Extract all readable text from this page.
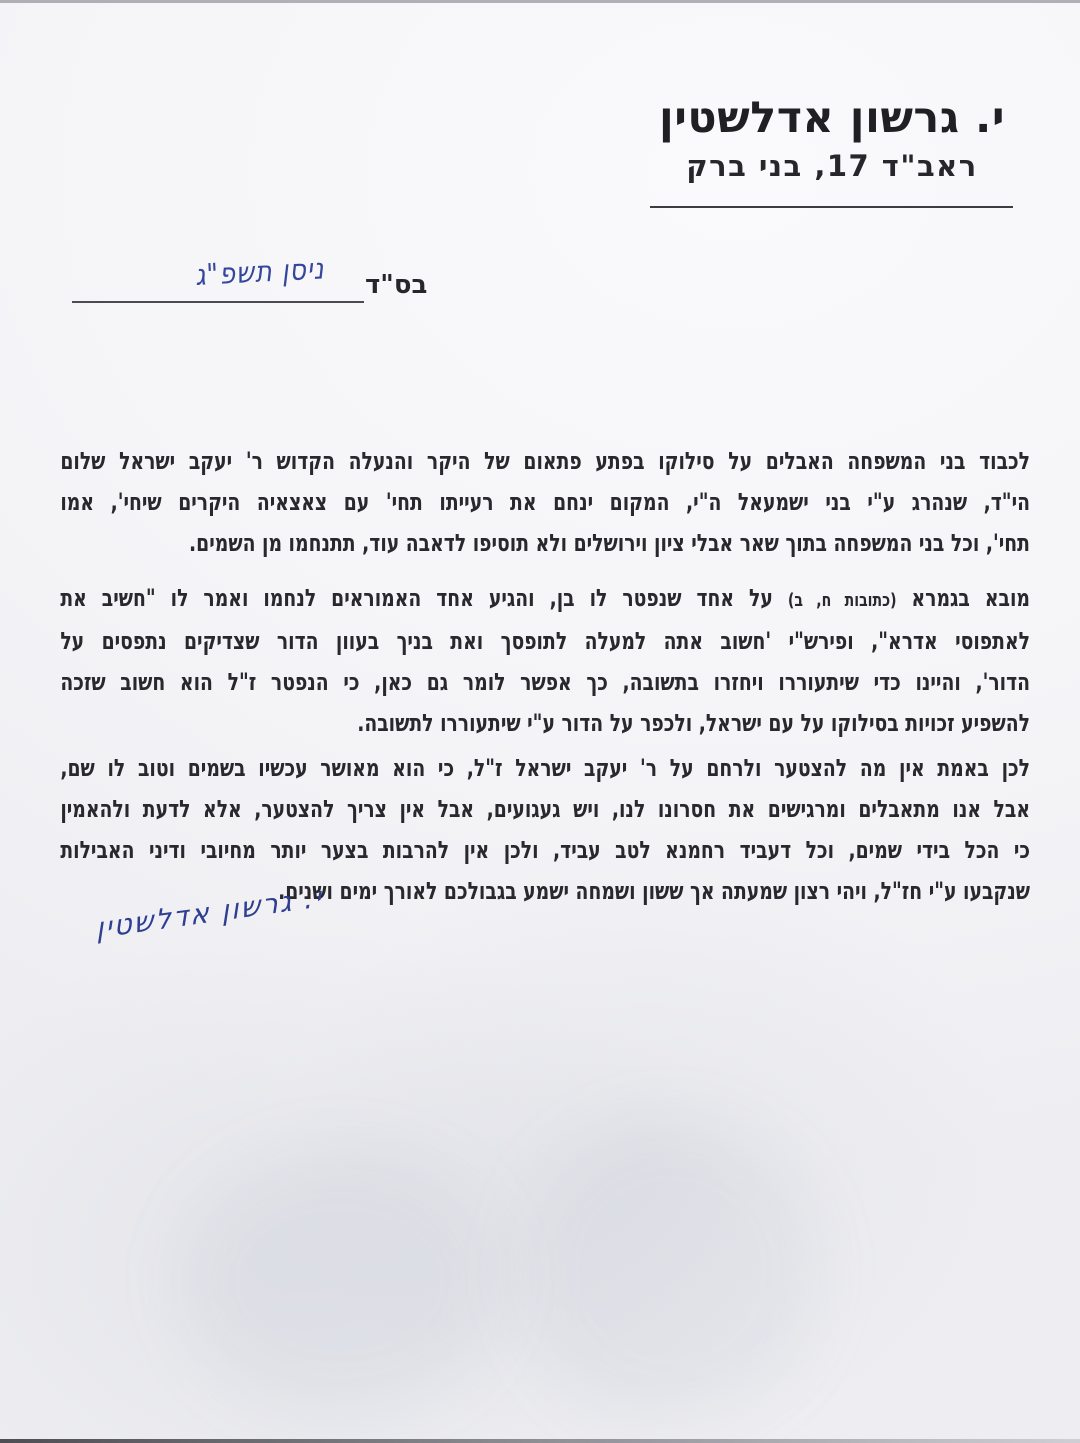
י. גרשון אדלשטין
ראב"ד 17, בני ברק
בס"ד
ניסן תשפ"ג
לכבוד בני המשפחה האבלים על סילוקו בפתע פתאום של היקר והנעלה הקדוש ר' יעקב ישראל שלום
הי"ד, שנהרג ע"י בני ישמעאל ה"י, המקום ינחם את רעייתו תחי' עם צאצאיה היקרים שיחי', אמו
תחי', וכל בני המשפחה בתוך שאר אבלי ציון וירושלים ולא תוסיפו לדאבה עוד, תתנחמו מן השמים.
מובא בגמרא (כתובות ח, ב) על אחד שנפטר לו בן, והגיע אחד האמוראים לנחמו ואמר לו "חשיב את
לאתפוסי אדרא", ופירש"י 'חשוב אתה למעלה לתופסך ואת בניך בעוון הדור שצדיקים נתפסים על
הדור', והיינו כדי שיתעוררו ויחזרו בתשובה, כך אפשר לומר גם כאן, כי הנפטר ז"ל הוא חשוב שזכה
להשפיע זכויות בסילוקו על עם ישראל, ולכפר על הדור ע"י שיתעוררו לתשובה.
לכן באמת אין מה להצטער ולרחם על ר' יעקב ישראל ז"ל, כי הוא מאושר עכשיו בשמים וטוב לו שם,
אבל אנו מתאבלים ומרגישים את חסרונו לנו, ויש געגועים, אבל אין צריך להצטער, אלא לדעת ולהאמין
כי הכל בידי שמים, וכל דעביד רחמנא לטב עביד, ולכן אין להרבות בצער יותר מחיובי ודיני האבילות
שנקבעו ע"י חז"ל, ויהי רצון שמעתה אך ששון ושמחה ישמע בגבולכם לאורך ימים ושנים.
י. גרשון אדלשטין
